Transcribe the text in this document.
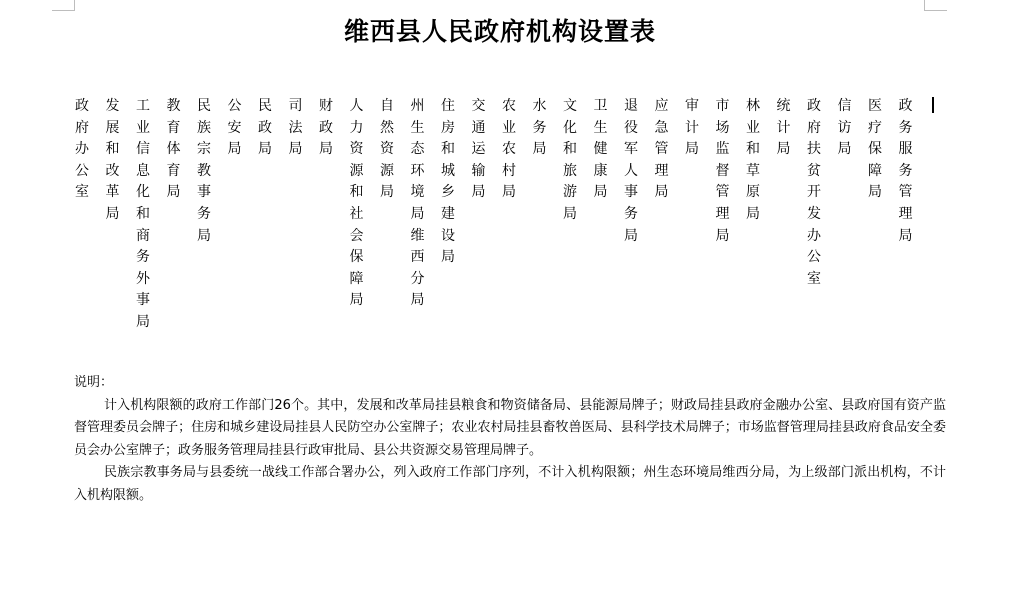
维西县人民政府机构设置表
政府办公室
发展和改革局
工业信息化和商务外事局
教育体育局
民族宗教事务局
公安局
民政局
司法局
财政局
人力资源和社会保障局
自然资源局
州生态环境局维西分局
住房和城乡建设局
交通运输局
农业农村局
水务局
文化和旅游局
卫生健康局
退役军人事务局
应急管理局
审计局
市场监督管理局
林业和草原局
统计局
政府扶贫开发办公室
信访局
医疗保障局
政务服务管理局
说明：

计入机构限额的政府工作部门26个。其中，发展和改革局挂县粮食和物资储备局、县能源局牌子；财政局挂县政府金融办公室、县政府国有资产监督管理委员会牌子；住房和城乡建设局挂县人民防空办公室牌子；农业农村局挂县畜牧兽医局、县科学技术局牌子；市场监督管理局挂县政府食品安全委员会办公室牌子；政务服务管理局挂县行政审批局、县公共资源交易管理局牌子。

民族宗教事务局与县委统一战线工作部合署办公，列入政府工作部门序列，不计入机构限额；州生态环境局维西分局，为上级部门派出机构，不计入机构限额。
